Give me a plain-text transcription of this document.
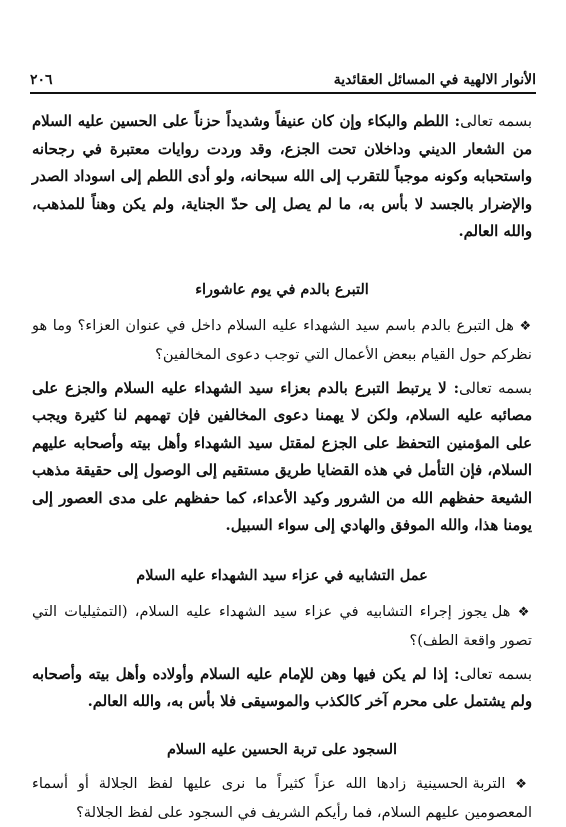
٢٠٦	الأنوار الالهية في المسائل العقائدية

بسمه تعالى: اللطم والبكاء وإن كان عنيفاً وشديداً حزناً على الحسين عليه السلام من الشعار الديني وداخلان تحت الجزع، وقد وردت روايات معتبرة في رجحانه واستحبابه وكونه موجباً للتقرب إلى الله سبحانه، ولو أدى اللطم إلى اسوداد الصدر والإضرار بالجسد لا بأس به، ما لم يصل إلى حدّ الجناية، ولم يكن وهناً للمذهب، والله العالم.

التبرع بالدم في يوم عاشوراء

❖ هل التبرع بالدم باسم سيد الشهداء عليه السلام داخل في عنوان العزاء؟ وما هو نظركم حول القيام ببعض الأعمال التي توجب دعوى المخالفين؟

بسمه تعالى: لا يرتبط التبرع بالدم بعزاء سيد الشهداء عليه السلام والجزع على مصائبه عليه السلام، ولكن لا يهمنا دعوى المخالفين فإن تهمهم لنا كثيرة ويجب على المؤمنين التحفظ على الجزع لمقتل سيد الشهداء وأهل بيته وأصحابه عليهم السلام، فإن التأمل في هذه القضايا طريق مستقيم إلى الوصول إلى حقيقة مذهب الشيعة حفظهم الله من الشرور وكيد الأعداء، كما حفظهم على مدى العصور إلى يومنا هذا، والله الموفق والهادي إلى سواء السبيل.

عمل التشابيه في عزاء سيد الشهداء عليه السلام

❖ هل يجوز إجراء التشابيه في عزاء سيد الشهداء عليه السلام، (التمثيليات التي تصور واقعة الطف)؟

بسمه تعالى: إذا لم يكن فيها وهن للإمام عليه السلام وأولاده وأهل بيته وأصحابه ولم يشتمل على محرم آخر كالكذب والموسيقى فلا بأس به، والله العالم.

السجود على تربة الحسين عليه السلام

❖ التربة الحسينية زادها الله عزاً كثيراً ما نرى عليها لفظ الجلالة أو أسماء المعصومين عليهم السلام، فما رأيكم الشريف في السجود على لفظ الجلالة؟
